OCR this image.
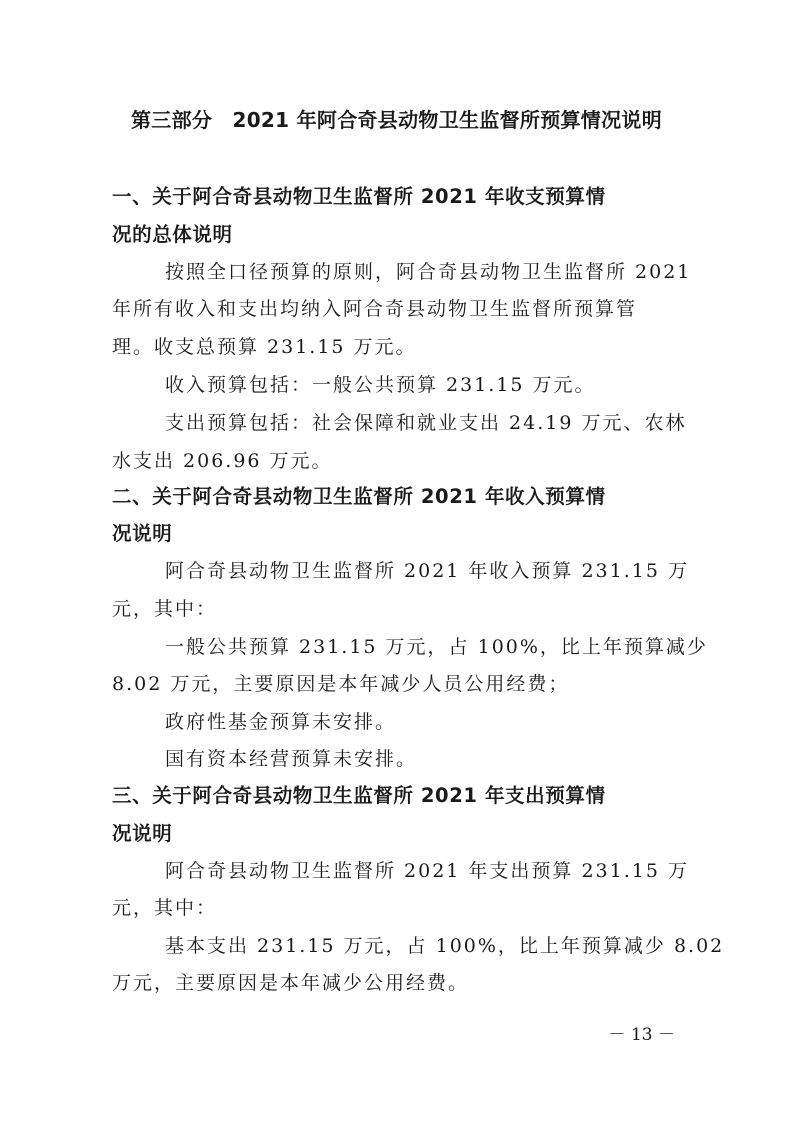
第三部分　2021 年阿合奇县动物卫生监督所预算情况说明
一、关于阿合奇县动物卫生监督所 2021 年收支预算情
况的总体说明
按照全口径预算的原则，阿合奇县动物卫生监督所 2021
年所有收入和支出均纳入阿合奇县动物卫生监督所预算管
理。收支总预算 231.15 万元。
收入预算包括：一般公共预算 231.15 万元。
支出预算包括：社会保障和就业支出 24.19 万元、农林
水支出 206.96 万元。
二、关于阿合奇县动物卫生监督所 2021 年收入预算情
况说明
阿合奇县动物卫生监督所 2021 年收入预算 231.15 万
元，其中：
一般公共预算 231.15 万元，占 100%，比上年预算减少
8.02 万元，主要原因是本年减少人员公用经费；
政府性基金预算未安排。
国有资本经营预算未安排。
三、关于阿合奇县动物卫生监督所 2021 年支出预算情
况说明
阿合奇县动物卫生监督所 2021 年支出预算 231.15 万
元，其中：
基本支出 231.15 万元，占 100%，比上年预算减少 8.02
万元，主要原因是本年减少公用经费。
－ 13 －
